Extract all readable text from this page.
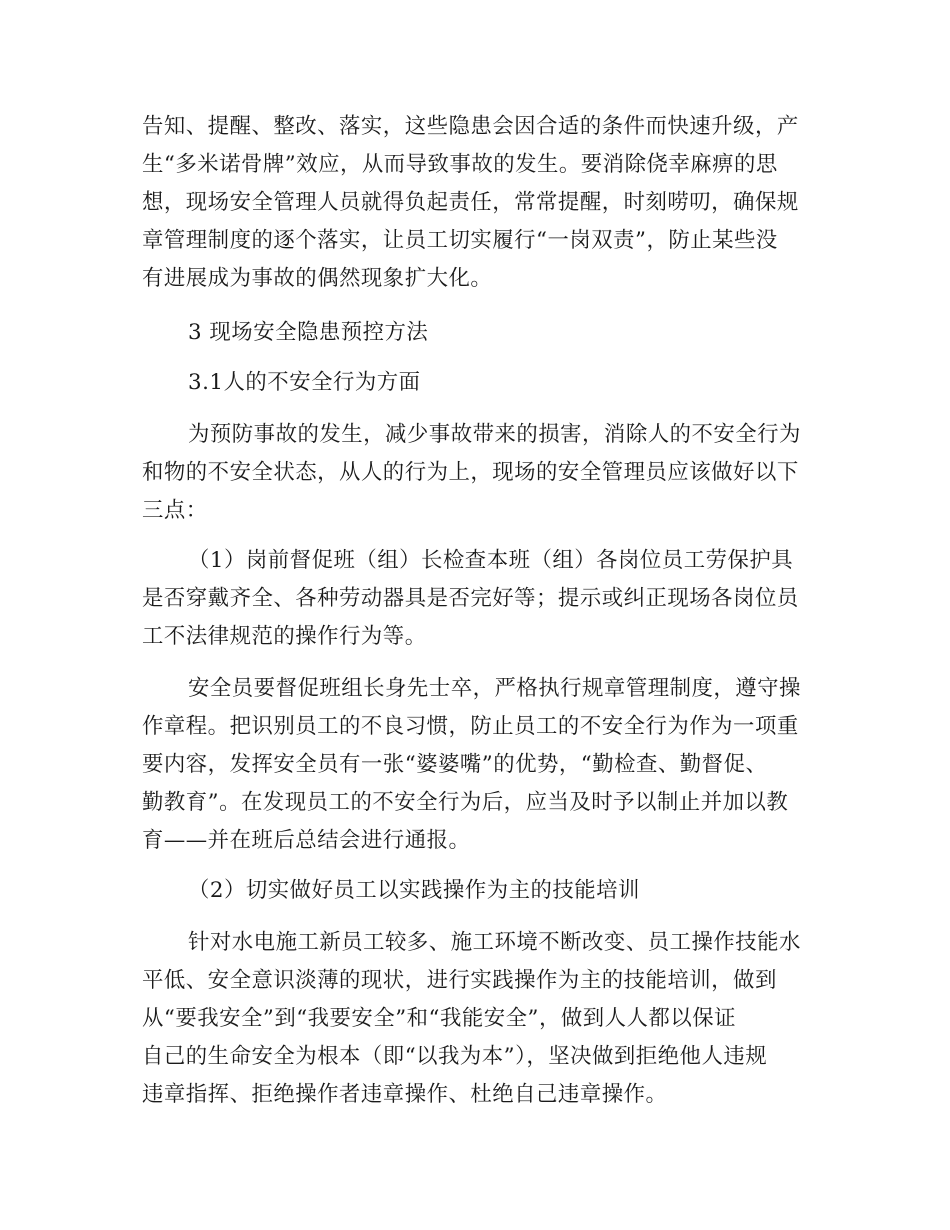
告知、提醒、整改、落实，这些隐患会因合适的条件而快速升级，产
生“多米诺骨牌”效应，从而导致事故的发生。要消除侥幸麻痹的思
想，现场安全管理人员就得负起责任，常常提醒，时刻唠叨，确保规
章管理制度的逐个落实，让员工切实履行“一岗双责”，防止某些没
有进展成为事故的偶然现象扩大化。
3 现场安全隐患预控方法
3.1人的不安全行为方面
为预防事故的发生，减少事故带来的损害，消除人的不安全行为
和物的不安全状态，从人的行为上，现场的安全管理员应该做好以下
三点：
（1）岗前督促班（组）长检查本班（组）各岗位员工劳保护具
是否穿戴齐全、各种劳动器具是否完好等；提示或纠正现场各岗位员
工不法律规范的操作行为等。
安全员要督促班组长身先士卒，严格执行规章管理制度，遵守操
作章程。把识别员工的不良习惯，防止员工的不安全行为作为一项重
要内容，发挥安全员有一张“婆婆嘴”的优势，“勤检查、勤督促、
勤教育”。在发现员工的不安全行为后，应当及时予以制止并加以教
育——并在班后总结会进行通报。
（2）切实做好员工以实践操作为主的技能培训
针对水电施工新员工较多、施工环境不断改变、员工操作技能水
平低、安全意识淡薄的现状，进行实践操作为主的技能培训，做到
从“要我安全”到“我要安全”和“我能安全”，做到人人都以保证
自己的生命安全为根本（即“以我为本”），坚决做到拒绝他人违规
违章指挥、拒绝操作者违章操作、杜绝自己违章操作。
